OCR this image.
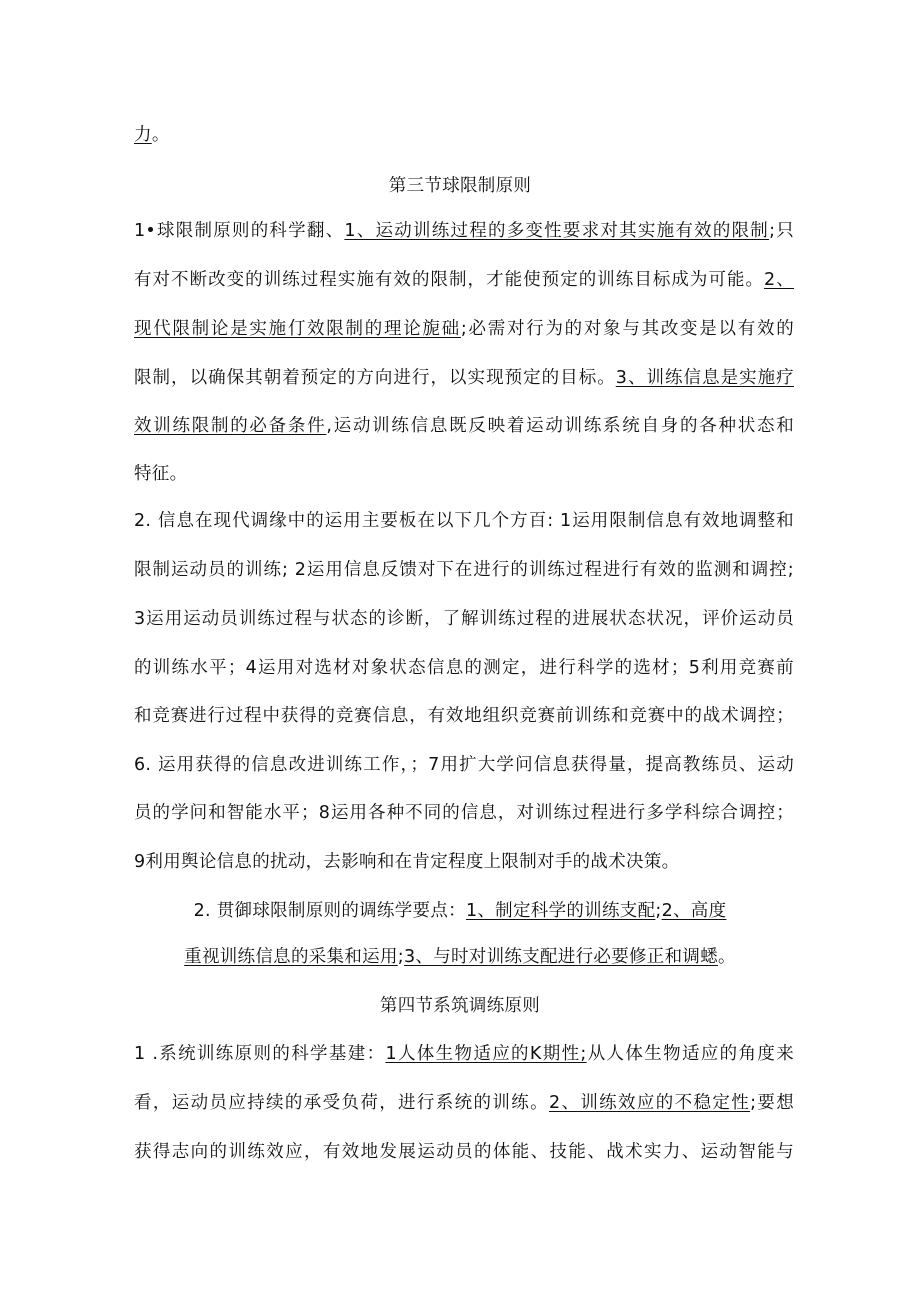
力。
第三节球限制原则
1•球限制原则的科学翻、1、运动训练过程的多变性要求对其实施有效的限制;只
有对不断改变的训练过程实施有效的限制，才能使预定的训练目标成为可能。2、
现代限制论是实施仃效限制的理论旎础;必需对行为的对象与其改变是以有效的
限制，以确保其朝着预定的方向进行，以实现预定的目标。3、训练信息是实施疗
效训练限制的必备条件,运动训练信息既反映着运动训练系统自身的各种状态和
特征。
2. 信息在现代调缘中的运用主要板在以下几个方百: 1运用限制信息有效地调整和
限制运动员的训练; 2运用信息反馈对下在进行的训练过程进行有效的监测和调控;
3运用运动员训练过程与状态的诊断，了解训练过程的进展状态状况，评价运动员
的训练水平；4运用对选材对象状态信息的测定，进行科学的选材；5利用竞赛前
和竞赛进行过程中获得的竞赛信息，有效地组织竞赛前训练和竞赛中的战术调控；
6. 运用获得的信息改进训练工作，；7用扩大学问信息获得量，提高教练员、运动
员的学问和智能水平；8运用各种不同的信息，对训练过程进行多学科综合调控；
9利用舆论信息的扰动，去影响和在肯定程度上限制对手的战术决策。
2. 贯御球限制原则的调练学要点：1、制定科学的训练支配;2、高度
重视训练信息的采集和运用;3、与时对训练支配进行必要修正和调蟋。
第四节系筑调练原则
1 .系统训练原则的科学基建：1人体生物适应的K期性;从人体生物适应的角度来
看，运动员应持续的承受负荷，进行系统的训练。2、训练效应的不稳定性;要想
获得志向的训练效应，有效地发展运动员的体能、技能、战术实力、运动智能与
